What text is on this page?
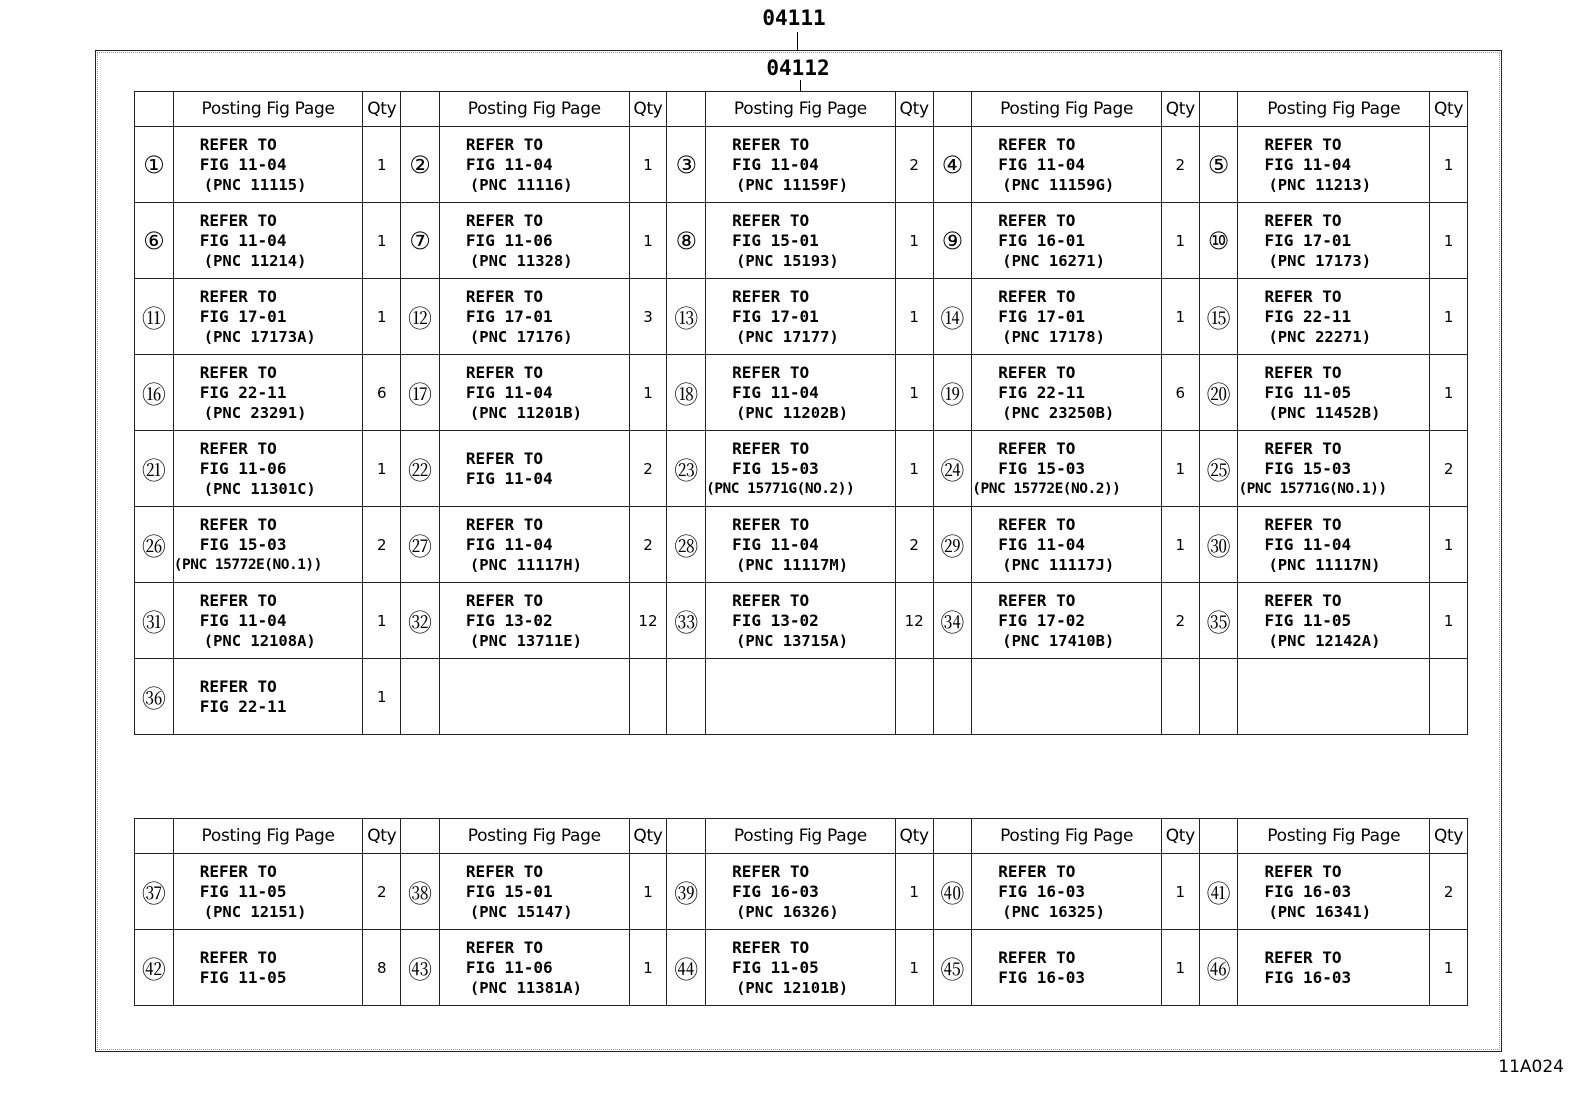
04111
04112
	Posting Fig Page	Qty		Posting Fig Page	Qty		Posting Fig Page	Qty		Posting Fig Page	Qty		Posting Fig Page	Qty
①	REFER TO
FIG 11-04
(PNC 11115)	1	②	REFER TO
FIG 11-04
(PNC 11116)	1	③	REFER TO
FIG 11-04
(PNC 11159F)	2	④	REFER TO
FIG 11-04
(PNC 11159G)	2	⑤	REFER TO
FIG 11-04
(PNC 11213)	1
⑥	REFER TO
FIG 11-04
(PNC 11214)	1	⑦	REFER TO
FIG 11-06
(PNC 11328)	1	⑧	REFER TO
FIG 15-01
(PNC 15193)	1	⑨	REFER TO
FIG 16-01
(PNC 16271)	1	⑩	REFER TO
FIG 17-01
(PNC 17173)	1
⑪	REFER TO
FIG 17-01
(PNC 17173A)	1	⑫	REFER TO
FIG 17-01
(PNC 17176)	3	⑬	REFER TO
FIG 17-01
(PNC 17177)	1	⑭	REFER TO
FIG 17-01
(PNC 17178)	1	⑮	REFER TO
FIG 22-11
(PNC 22271)	1
⑯	REFER TO
FIG 22-11
(PNC 23291)	6	⑰	REFER TO
FIG 11-04
(PNC 11201B)	1	⑱	REFER TO
FIG 11-04
(PNC 11202B)	1	⑲	REFER TO
FIG 22-11
(PNC 23250B)	6	⑳	REFER TO
FIG 11-05
(PNC 11452B)	1
㉑	REFER TO
FIG 11-06
(PNC 11301C)	1	㉒	REFER TO
FIG 11-04	2	㉓	REFER TO
FIG 15-03
(PNC 15771G(NO.2))	1	㉔	REFER TO
FIG 15-03
(PNC 15772E(NO.2))	1	㉕	REFER TO
FIG 15-03
(PNC 15771G(NO.1))	2
㉖	REFER TO
FIG 15-03
(PNC 15772E(NO.1))	2	㉗	REFER TO
FIG 11-04
(PNC 11117H)	2	㉘	REFER TO
FIG 11-04
(PNC 11117M)	2	㉙	REFER TO
FIG 11-04
(PNC 11117J)	1	㉚	REFER TO
FIG 11-04
(PNC 11117N)	1
㉛	REFER TO
FIG 11-04
(PNC 12108A)	1	㉜	REFER TO
FIG 13-02
(PNC 13711E)	12	㉝	REFER TO
FIG 13-02
(PNC 13715A)	12	㉞	REFER TO
FIG 17-02
(PNC 17410B)	2	㉟	REFER TO
FIG 11-05
(PNC 12142A)	1
㊱	REFER TO
FIG 22-11	1		

	Posting Fig Page	Qty		Posting Fig Page	Qty		Posting Fig Page	Qty		Posting Fig Page	Qty		Posting Fig Page	Qty
㊲	REFER TO
FIG 11-05
(PNC 12151)	2	㊳	REFER TO
FIG 15-01
(PNC 15147)	1	㊴	REFER TO
FIG 16-03
(PNC 16326)	1	㊵	REFER TO
FIG 16-03
(PNC 16325)	1	㊶	REFER TO
FIG 16-03
(PNC 16341)	2
㊷	REFER TO
FIG 11-05	8	㊸	REFER TO
FIG 11-06
(PNC 11381A)	1	㊹	REFER TO
FIG 11-05
(PNC 12101B)	1	㊺	REFER TO
FIG 16-03	1	㊻	REFER TO
FIG 16-03	1
11A024
